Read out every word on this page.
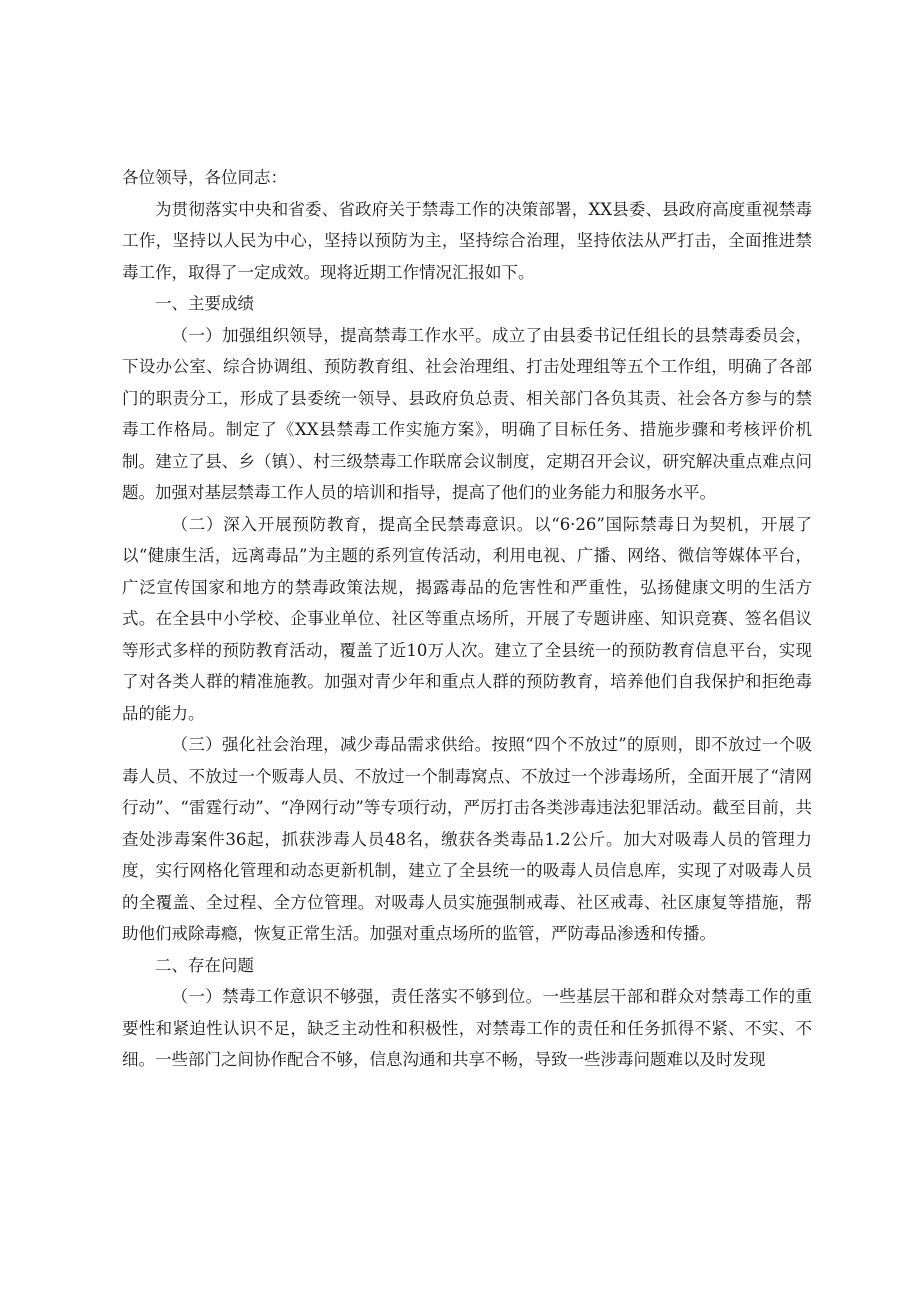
各位领导，各位同志：

为贯彻落实中央和省委、省政府关于禁毒工作的决策部署，XX县委、县政府高度重视禁毒工作，坚持以人民为中心，坚持以预防为主，坚持综合治理，坚持依法从严打击，全面推进禁毒工作，取得了一定成效。现将近期工作情况汇报如下。

一、主要成绩

（一）加强组织领导，提高禁毒工作水平。成立了由县委书记任组长的县禁毒委员会，下设办公室、综合协调组、预防教育组、社会治理组、打击处理组等五个工作组，明确了各部门的职责分工，形成了县委统一领导、县政府负总责、相关部门各负其责、社会各方参与的禁毒工作格局。制定了《XX县禁毒工作实施方案》，明确了目标任务、措施步骤和考核评价机制。建立了县、乡（镇）、村三级禁毒工作联席会议制度，定期召开会议，研究解决重点难点问题。加强对基层禁毒工作人员的培训和指导，提高了他们的业务能力和服务水平。

（二）深入开展预防教育，提高全民禁毒意识。以“6·26”国际禁毒日为契机，开展了以“健康生活，远离毒品”为主题的系列宣传活动，利用电视、广播、网络、微信等媒体平台，广泛宣传国家和地方的禁毒政策法规，揭露毒品的危害性和严重性，弘扬健康文明的生活方式。在全县中小学校、企事业单位、社区等重点场所，开展了专题讲座、知识竞赛、签名倡议等形式多样的预防教育活动，覆盖了近10万人次。建立了全县统一的预防教育信息平台，实现了对各类人群的精准施教。加强对青少年和重点人群的预防教育，培养他们自我保护和拒绝毒品的能力。

（三）强化社会治理，减少毒品需求供给。按照“四个不放过”的原则，即不放过一个吸毒人员、不放过一个贩毒人员、不放过一个制毒窝点、不放过一个涉毒场所，全面开展了“清网行动”、“雷霆行动”、“净网行动”等专项行动，严厉打击各类涉毒违法犯罪活动。截至目前，共查处涉毒案件36起，抓获涉毒人员48名，缴获各类毒品1.2公斤。加大对吸毒人员的管理力度，实行网格化管理和动态更新机制，建立了全县统一的吸毒人员信息库，实现了对吸毒人员的全覆盖、全过程、全方位管理。对吸毒人员实施强制戒毒、社区戒毒、社区康复等措施，帮助他们戒除毒瘾，恢复正常生活。加强对重点场所的监管，严防毒品渗透和传播。

二、存在问题

（一）禁毒工作意识不够强，责任落实不够到位。一些基层干部和群众对禁毒工作的重要性和紧迫性认识不足，缺乏主动性和积极性，对禁毒工作的责任和任务抓得不紧、不实、不细。一些部门之间协作配合不够，信息沟通和共享不畅，导致一些涉毒问题难以及时发现
